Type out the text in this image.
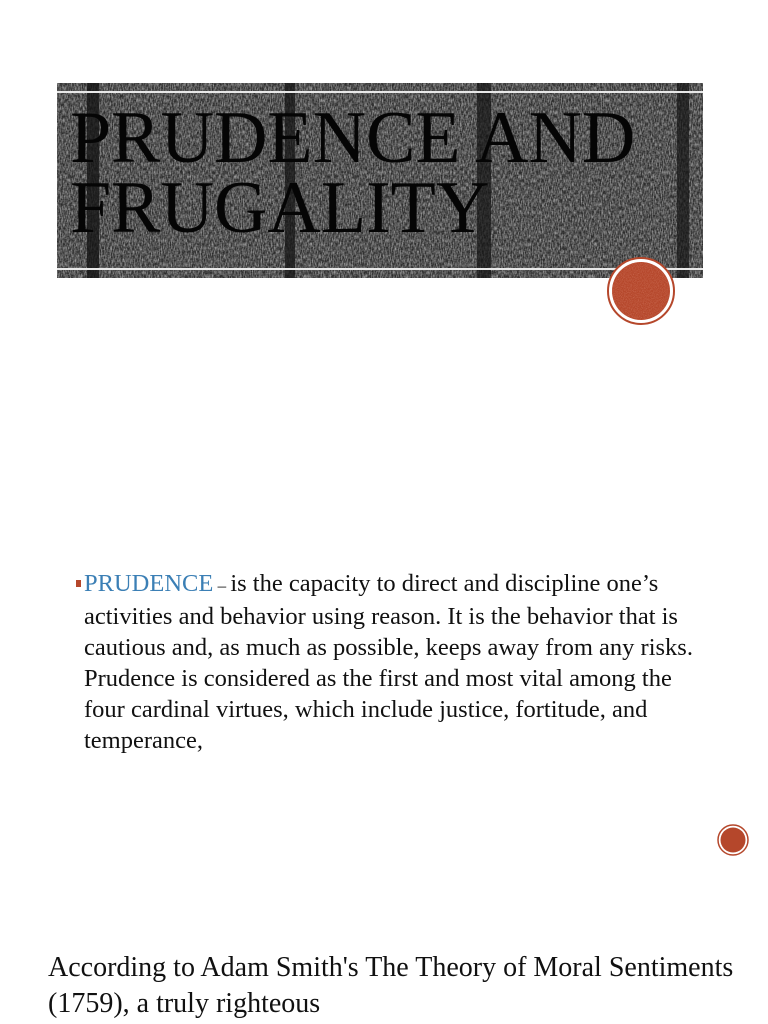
PRUDENCE AND
FRUGALITY

PRUDENCE – is the capacity to direct and discipline one’s activities and behavior using reason. It is the behavior that is cautious and, as much as possible, keeps away from any risks. Prudence is considered as the first and most vital among the four cardinal virtues, which include justice, fortitude, and temperance,

According to Adam Smith's The Theory of Moral Sentiments (1759), a truly righteous
